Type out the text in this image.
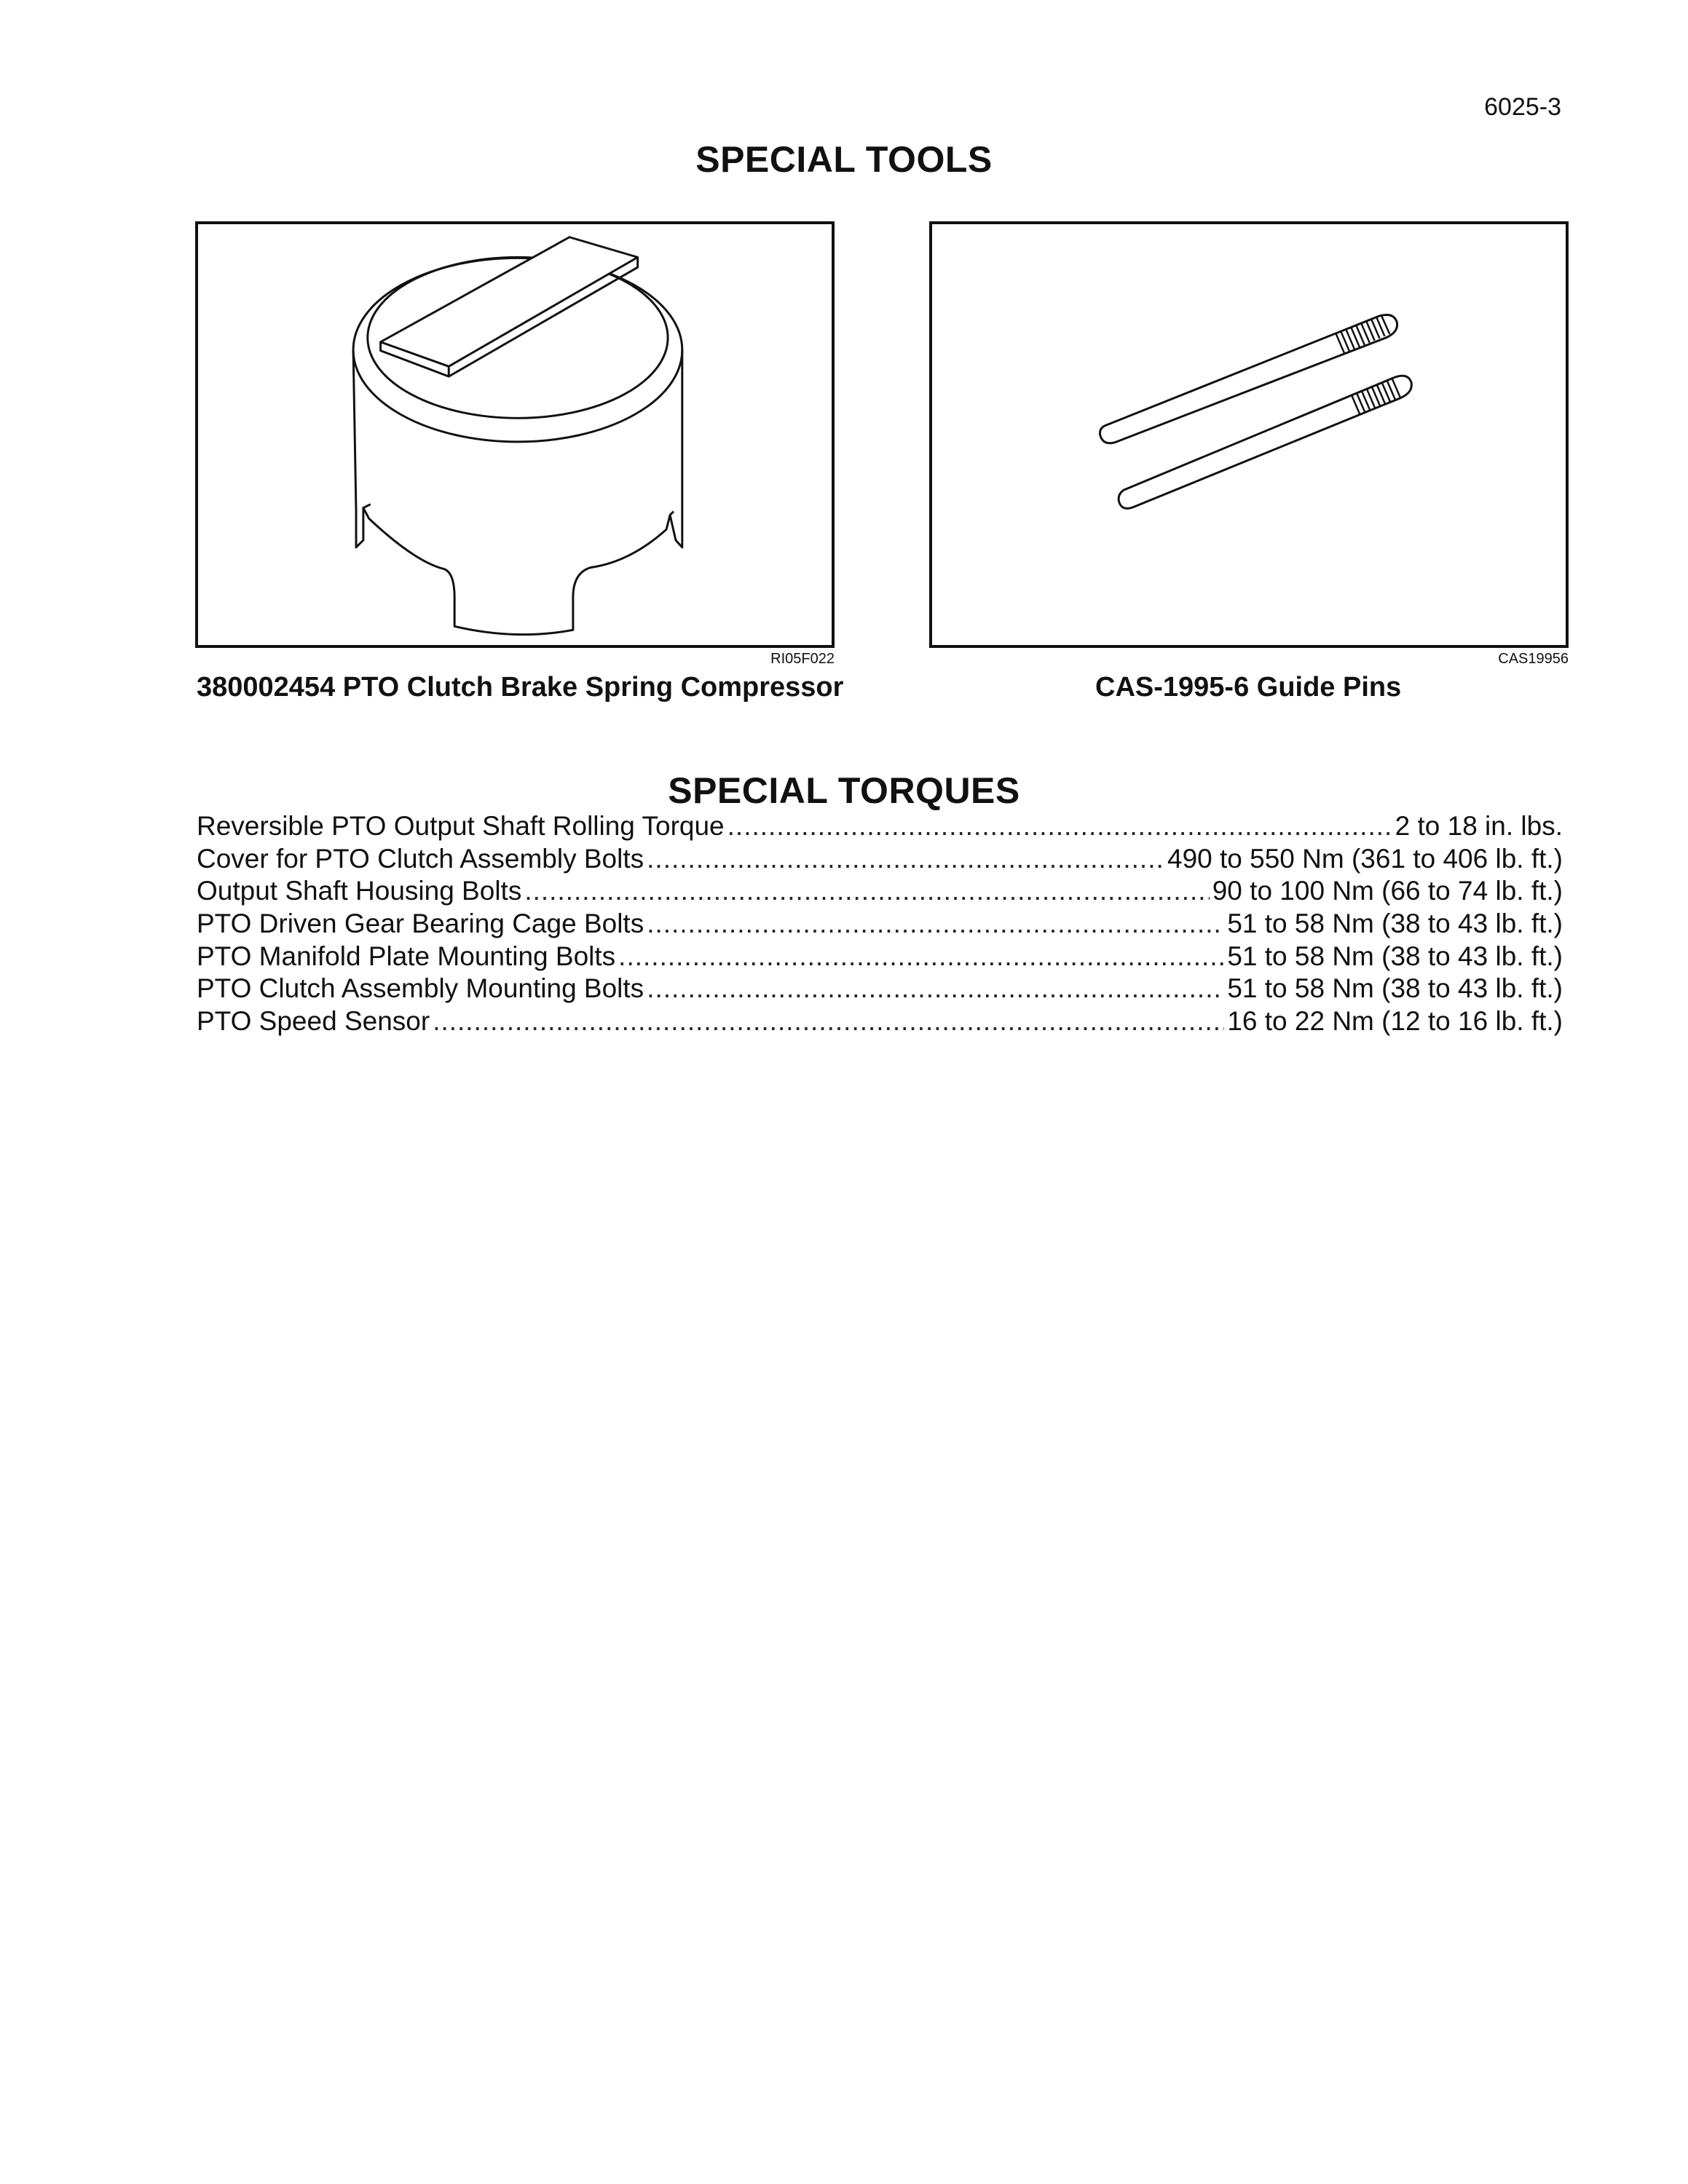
6025-3
SPECIAL TOOLS
RI05F022
380002454 PTO Clutch Brake Spring Compressor
CAS19956
CAS-1995-6 Guide Pins
SPECIAL TORQUES
Reversible PTO Output Shaft Rolling Torque .....	2 to 18 in. lbs.
Cover for PTO Clutch Assembly Bolts .....	490 to 550 Nm (361 to 406 lb. ft.)
Output Shaft Housing Bolts .....	90 to 100 Nm (66 to 74 lb. ft.)
PTO Driven Gear Bearing Cage Bolts .....	51 to 58 Nm (38 to 43 lb. ft.)
PTO Manifold Plate Mounting Bolts .....	51 to 58 Nm (38 to 43 lb. ft.)
PTO Clutch Assembly Mounting Bolts .....	51 to 58 Nm (38 to 43 lb. ft.)
PTO Speed Sensor .....	16 to 22 Nm (12 to 16 lb. ft.)
